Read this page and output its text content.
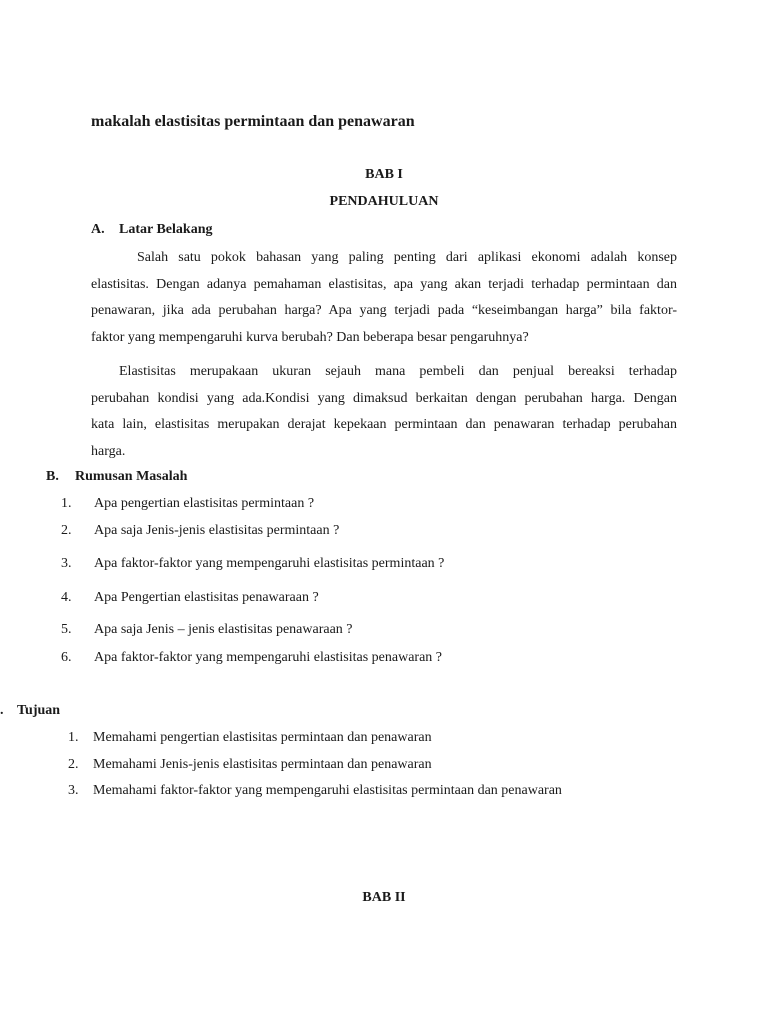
makalah elastisitas permintaan dan penawaran
BAB I
PENDAHULUAN
A. Latar Belakang
Salah satu pokok bahasan yang paling penting dari aplikasi ekonomi adalah konsep
elastisitas. Dengan adanya pemahaman elastisitas, apa yang akan terjadi terhadap permintaan dan
penawaran, jika ada perubahan harga? Apa yang terjadi pada “keseimbangan harga” bila faktor-
faktor yang mempengaruhi kurva berubah? Dan beberapa besar pengaruhnya?
Elastisitas merupakaan ukuran sejauh mana pembeli dan penjual bereaksi terhadap
perubahan kondisi yang ada.Kondisi yang dimaksud berkaitan dengan perubahan harga. Dengan
kata lain, elastisitas merupakan derajat kepekaan permintaan dan penawaran terhadap perubahan
harga.
B. Rumusan Masalah
1. Apa pengertian elastisitas permintaan ?
2. Apa saja Jenis-jenis elastisitas permintaan ?
3. Apa faktor-faktor yang mempengaruhi elastisitas permintaan ?
4. Apa Pengertian elastisitas penawaraan ?
5. Apa saja Jenis – jenis elastisitas penawaraan ?
6. Apa faktor-faktor yang mempengaruhi elastisitas penawaran ?
. Tujuan
1. Memahami pengertian elastisitas permintaan dan penawaran
2. Memahami Jenis-jenis elastisitas permintaan dan penawaran
3. Memahami faktor-faktor yang mempengaruhi elastisitas permintaan dan penawaran
BAB II
